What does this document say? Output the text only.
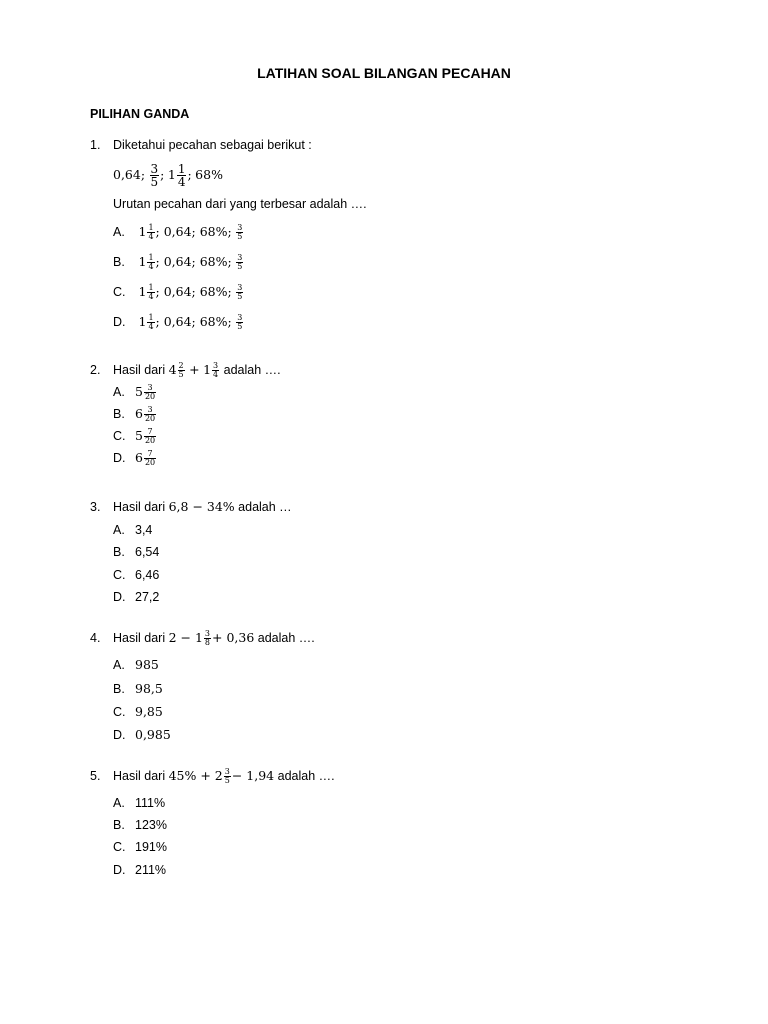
LATIHAN SOAL BILANGAN PECAHAN
PILIHAN GANDA
1. Diketahui pecahan sebagai berikut :
0,64; $\frac{3}{5}$ ; $1 \frac{1}{4}$ ; 68%
Urutan pecahan dari yang terbesar adalah ….
A. $1 \frac{1}{4}$ ; 0,64; 68%; $\frac{3}{5}$
B. $1 \frac{1}{4}$ ; 0,64; 68%; $\frac{3}{5}$
C. $1 \frac{1}{4}$ ; 0,64; 68%; $\frac{3}{5}$
D. $1 \frac{1}{4}$ ; 0,64; 68%; $\frac{3}{5}$
2. Hasil dari $4 \frac{2}{5} + 1 \frac{3}{4}$ adalah ….
A. $5 \frac{3}{20}$
B. $6 \frac{3}{20}$
C. $5 \frac{7}{20}$
D. $6 \frac{7}{20}$
3. Hasil dari 6,8 − 34% adalah …
A. 3,4
B. 6,54
C. 6,46
D. 27,2
4. Hasil dari $2 - 1 \frac{3}{8} + 0,36$ adalah ….
A. 985
B. 98,5
C. 9,85
D. 0,985
5. Hasil dari $45\% + 2 \frac{3}{5} - 1,94$ adalah ….
A. 111%
B. 123%
C. 191%
D. 211%
